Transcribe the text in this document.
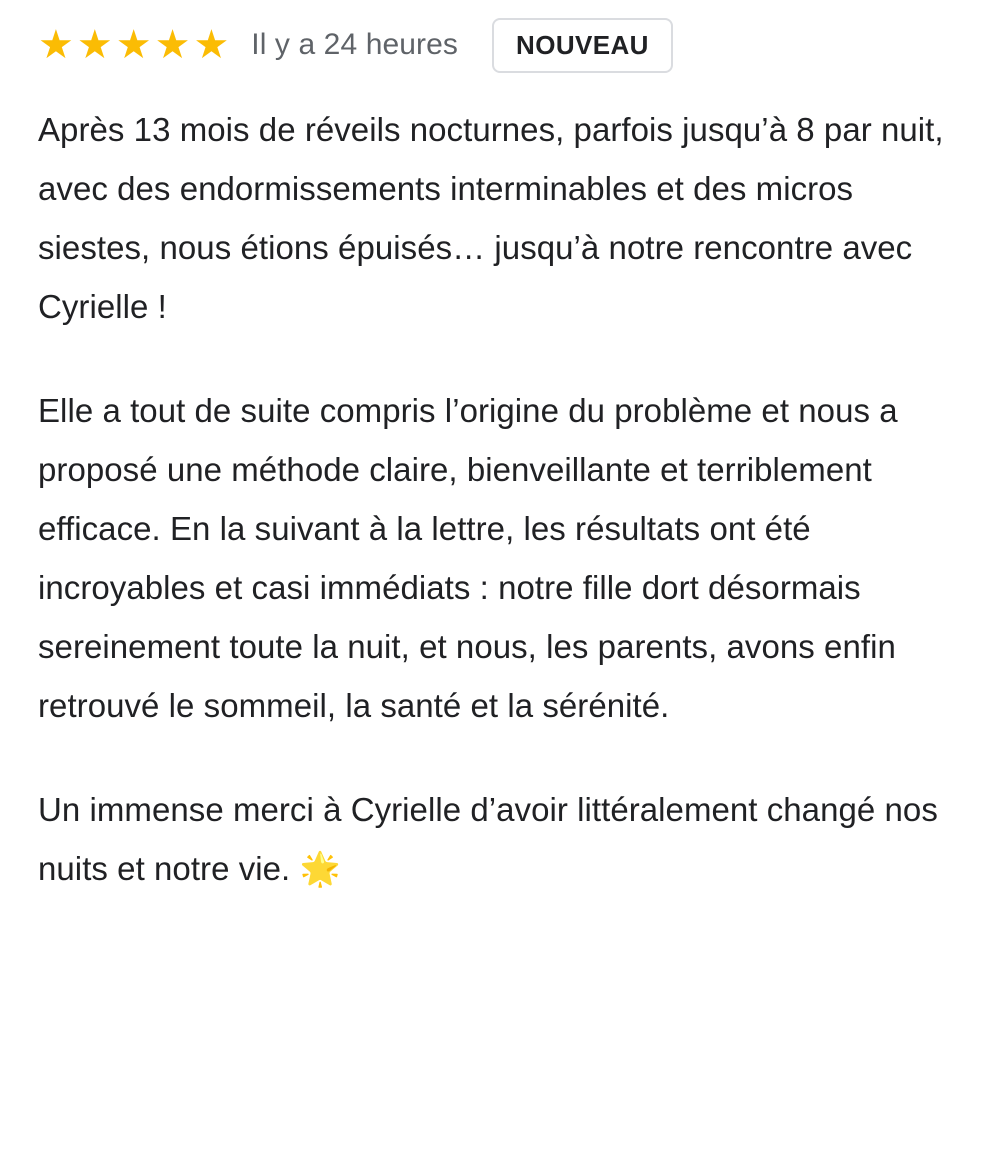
★ ★ ★ ★ ★ Il y a 24 heures	NOUVEAU

Après 13 mois de réveils nocturnes, parfois jusqu’à 8 par nuit, avec des endormissements interminables et des micros siestes, nous étions épuisés… jusqu’à notre rencontre avec Cyrielle !

Elle a tout de suite compris l’origine du problème et nous a proposé une méthode claire, bienveillante et terriblement efficace. En la suivant à la lettre, les résultats ont été incroyables et casi immédiats : notre fille dort désormais sereinement toute la nuit, et nous, les parents, avons enfin retrouvé le sommeil, la santé et la sérénité.

Un immense merci à Cyrielle d’avoir littéralement changé nos nuits et notre vie. 🌟
